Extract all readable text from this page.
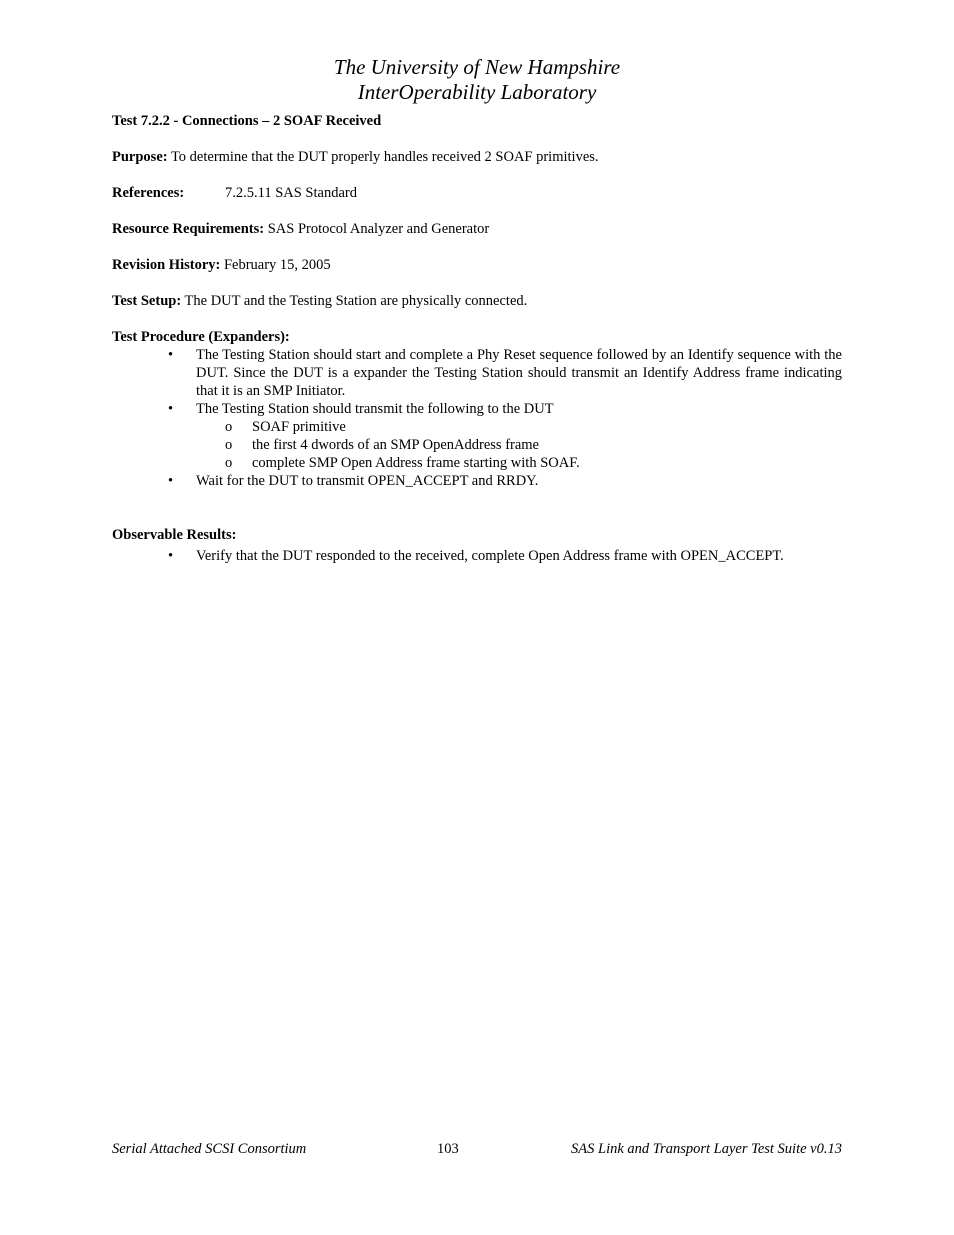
The University of New Hampshire
InterOperability Laboratory
Test 7.2.2 - Connections – 2 SOAF Received

Purpose: To determine that the DUT properly handles received 2 SOAF primitives.

References:	7.2.5.11 SAS Standard

Resource Requirements: SAS Protocol Analyzer and Generator

Revision History: February 15, 2005

Test Setup: The DUT and the Testing Station are physically connected.

Test Procedure (Expanders):
• The Testing Station should start and complete a Phy Reset sequence followed by an Identify sequence with the DUT. Since the DUT is a expander the Testing Station should transmit an Identify Address frame indicating that it is an SMP Initiator.
• The Testing Station should transmit the following to the DUT
o SOAF primitive
o the first 4 dwords of an SMP OpenAddress frame
o complete SMP Open Address frame starting with SOAF.
• Wait for the DUT to transmit OPEN_ACCEPT and RRDY.
Observable Results:
• Verify that the DUT responded to the received, complete Open Address frame with OPEN_ACCEPT.
Serial Attached SCSI Consortium	103	SAS Link and Transport Layer Test Suite v0.13
